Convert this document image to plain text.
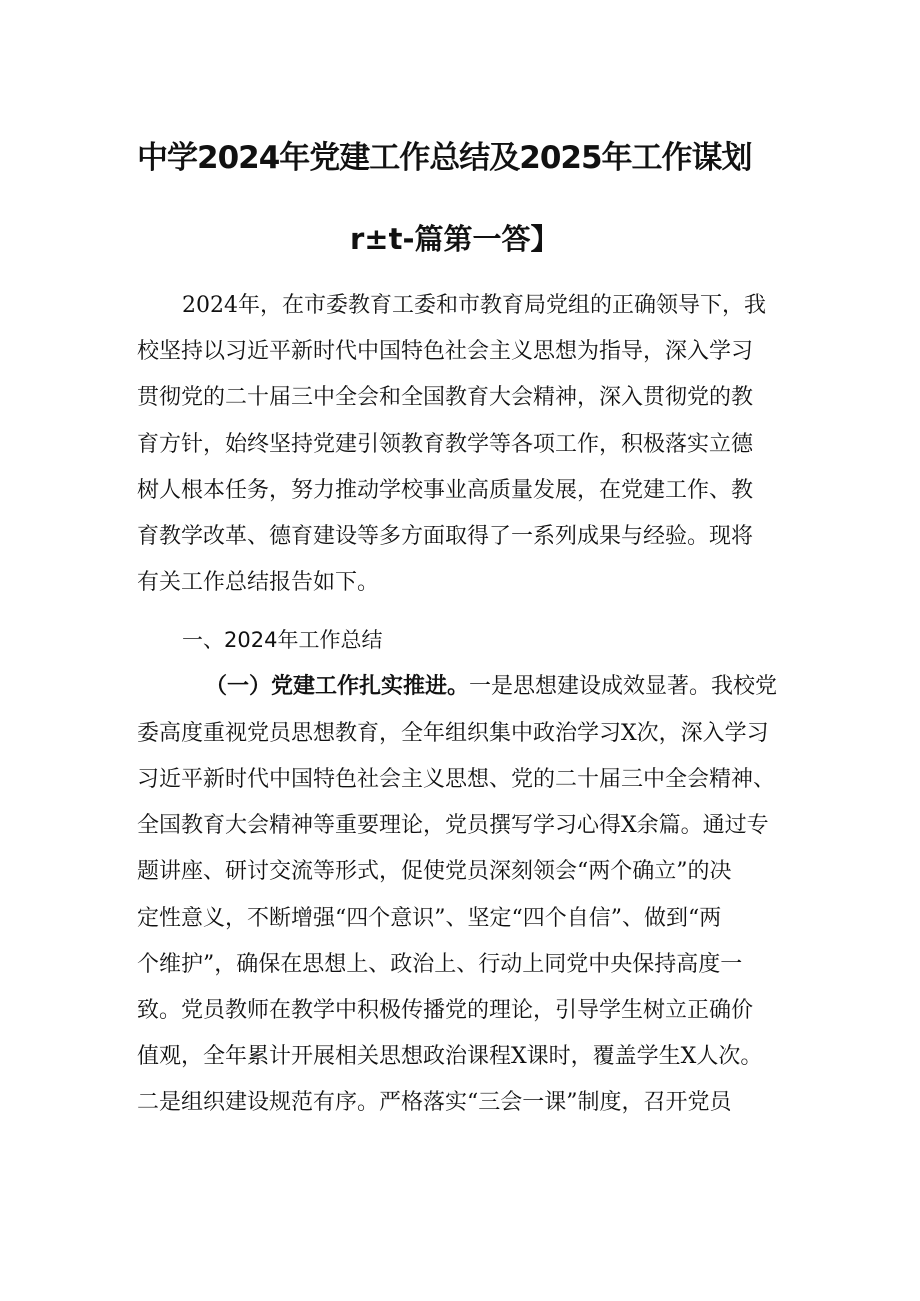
中学2024年党建工作总结及2025年工作谋划
r±t-篇第一答】
2024年，在市委教育工委和市教育局党组的正确领导下，我
校坚持以习近平新时代中国特色社会主义思想为指导，深入学习
贯彻党的二十届三中全会和全国教育大会精神，深入贯彻党的教
育方针，始终坚持党建引领教育教学等各项工作，积极落实立德
树人根本任务，努力推动学校事业高质量发展，在党建工作、教
育教学改革、德育建设等多方面取得了一系列成果与经验。现将
有关工作总结报告如下。
一、2024年工作总结
（一）党建工作扎实推进。一是思想建设成效显著。我校党
委高度重视党员思想教育，全年组织集中政治学习X次，深入学习
习近平新时代中国特色社会主义思想、党的二十届三中全会精神、
全国教育大会精神等重要理论，党员撰写学习心得X余篇。通过专
题讲座、研讨交流等形式，促使党员深刻领会“两个确立”的决
定性意义，不断增强“四个意识”、坚定“四个自信”、做到“两
个维护”，确保在思想上、政治上、行动上同党中央保持高度一
致。党员教师在教学中积极传播党的理论，引导学生树立正确价
值观，全年累计开展相关思想政治课程X课时，覆盖学生X人次。
二是组织建设规范有序。严格落实“三会一课”制度，召开党员
